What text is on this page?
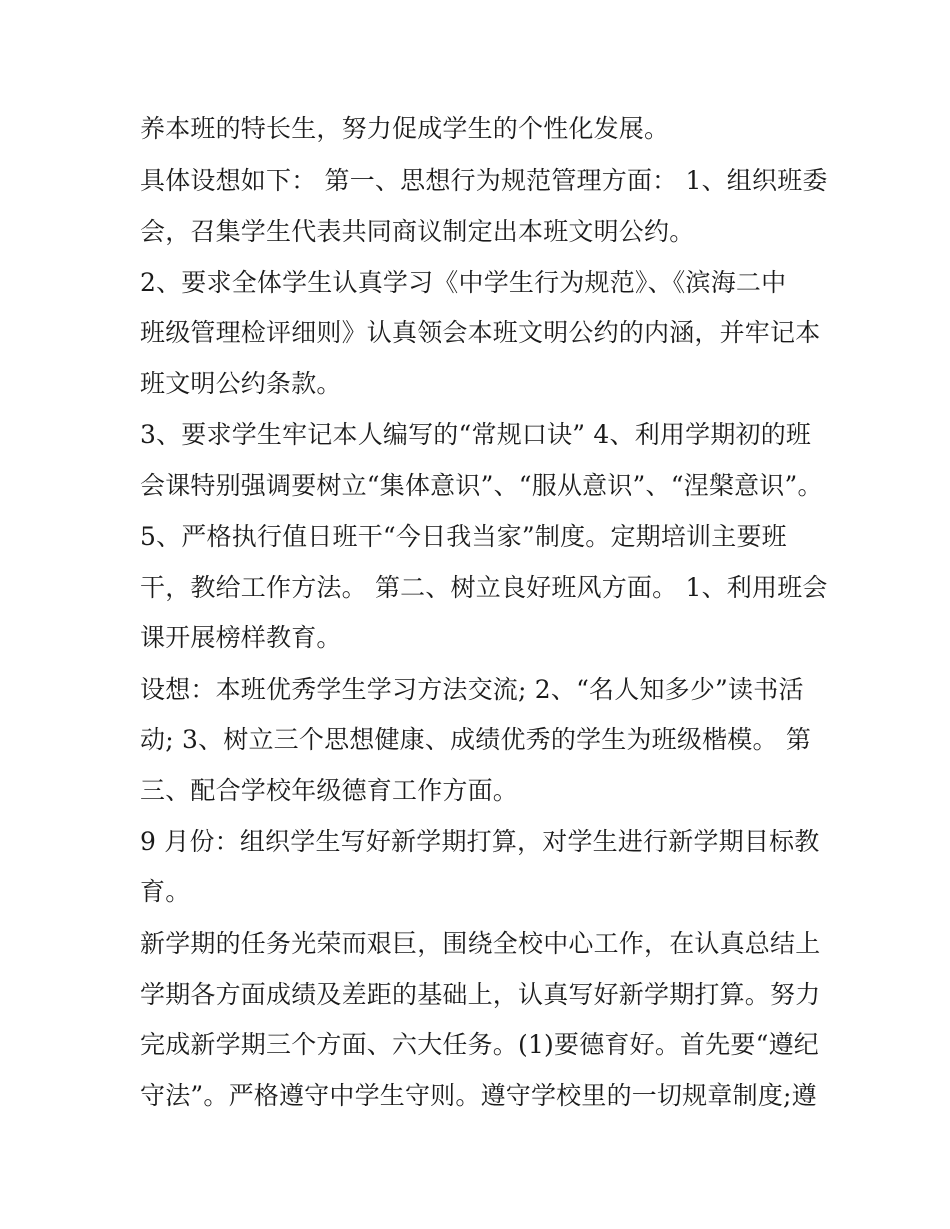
养本班的特长生，努力促成学生的个性化发展。
具体设想如下： 第一、思想行为规范管理方面： 1、组织班委
会，召集学生代表共同商议制定出本班文明公约。
2、要求全体学生认真学习《中学生行为规范》、《滨海二中
班级管理检评细则》认真领会本班文明公约的内涵，并牢记本
班文明公约条款。
3、要求学生牢记本人编写的“常规口诀” 4、利用学期初的班
会课特别强调要树立“集体意识”、“服从意识”、“涅槃意识”。
5、严格执行值日班干“今日我当家”制度。定期培训主要班
干，教给工作方法。 第二、树立良好班风方面。 1、利用班会
课开展榜样教育。
设想：本班优秀学生学习方法交流; 2、“名人知多少”读书活
动; 3、树立三个思想健康、成绩优秀的学生为班级楷模。 第
三、配合学校年级德育工作方面。
9 月份：组织学生写好新学期打算，对学生进行新学期目标教
育。
新学期的任务光荣而艰巨，围绕全校中心工作，在认真总结上
学期各方面成绩及差距的基础上，认真写好新学期打算。努力
完成新学期三个方面、六大任务。(1)要德育好。首先要“遵纪
守法”。严格遵守中学生守则。遵守学校里的一切规章制度;遵
